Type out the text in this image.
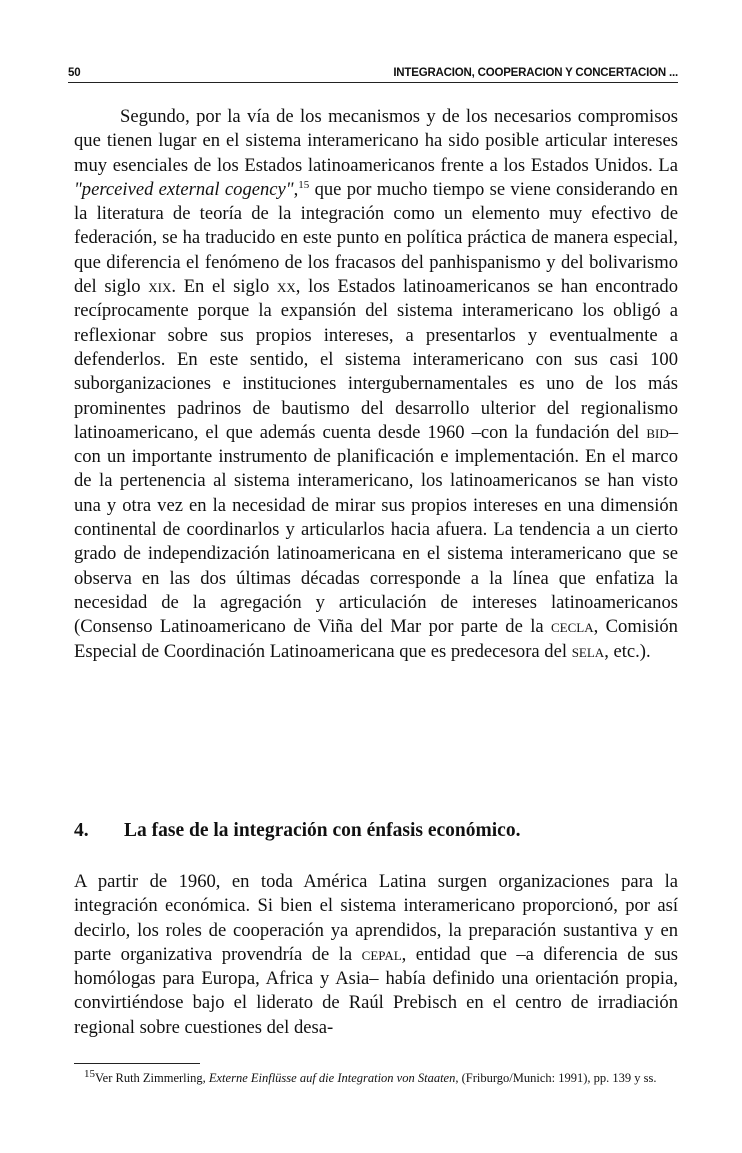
50	INTEGRACION, COOPERACION Y CONCERTACION ...

Segundo, por la vía de los mecanismos y de los necesarios compromisos que tienen lugar en el sistema interamericano ha sido posible articular intereses muy esenciales de los Estados latinoamericanos frente a los Estados Unidos. La "perceived external cogency",$^{15}$ que por mucho tiempo se viene considerando en la literatura de teoría de la integración como un elemento muy efectivo de federación, se ha traducido en este punto en política práctica de manera especial, que diferencia el fenómeno de los fracasos del panhispanismo y del bolivarismo del siglo xix. En el siglo xx, los Estados latinoamericanos se han encontrado recíprocamente porque la expansión del sistema interamericano los obligó a reflexionar sobre sus propios intereses, a presentarlos y eventualmente a defenderlos. En este sentido, el sistema interamericano con sus casi 100 suborganizaciones e instituciones intergubernamentales es uno de los más prominentes padrinos de bautismo del desarrollo ulterior del regionalismo latinoamericano, el que además cuenta desde 1960 –con la fundación del bid– con un importante instrumento de planificación e implementación. En el marco de la pertenencia al sistema interamericano, los latinoamericanos se han visto una y otra vez en la necesidad de mirar sus propios intereses en una dimensión continental de coordinarlos y articularlos hacia afuera. La tendencia a un cierto grado de independización latinoamericana en el sistema interamericano que se observa en las dos últimas décadas corresponde a la línea que enfatiza la necesidad de la agregación y articulación de intereses latinoamericanos (Consenso Latinoamericano de Viña del Mar por parte de la cecla, Comisión Especial de Coordinación Latinoamericana que es predecesora del sela, etc.).

4. La fase de la integración con énfasis económico.

A partir de 1960, en toda América Latina surgen organizaciones para la integración económica. Si bien el sistema interamericano proporcionó, por así decirlo, los roles de cooperación ya aprendidos, la preparación sustantiva y en parte organizativa provendría de la cepal, entidad que –a diferencia de sus homólogas para Europa, Africa y Asia– había definido una orientación propia, convirtiéndose bajo el liderato de Raúl Prebisch en el centro de irradiación regional sobre cuestiones del desa-

$^{15}$Ver Ruth Zimmerling, Externe Einflüsse auf die Integration von Staaten, (Friburgo/Munich: 1991), pp. 139 y ss.
